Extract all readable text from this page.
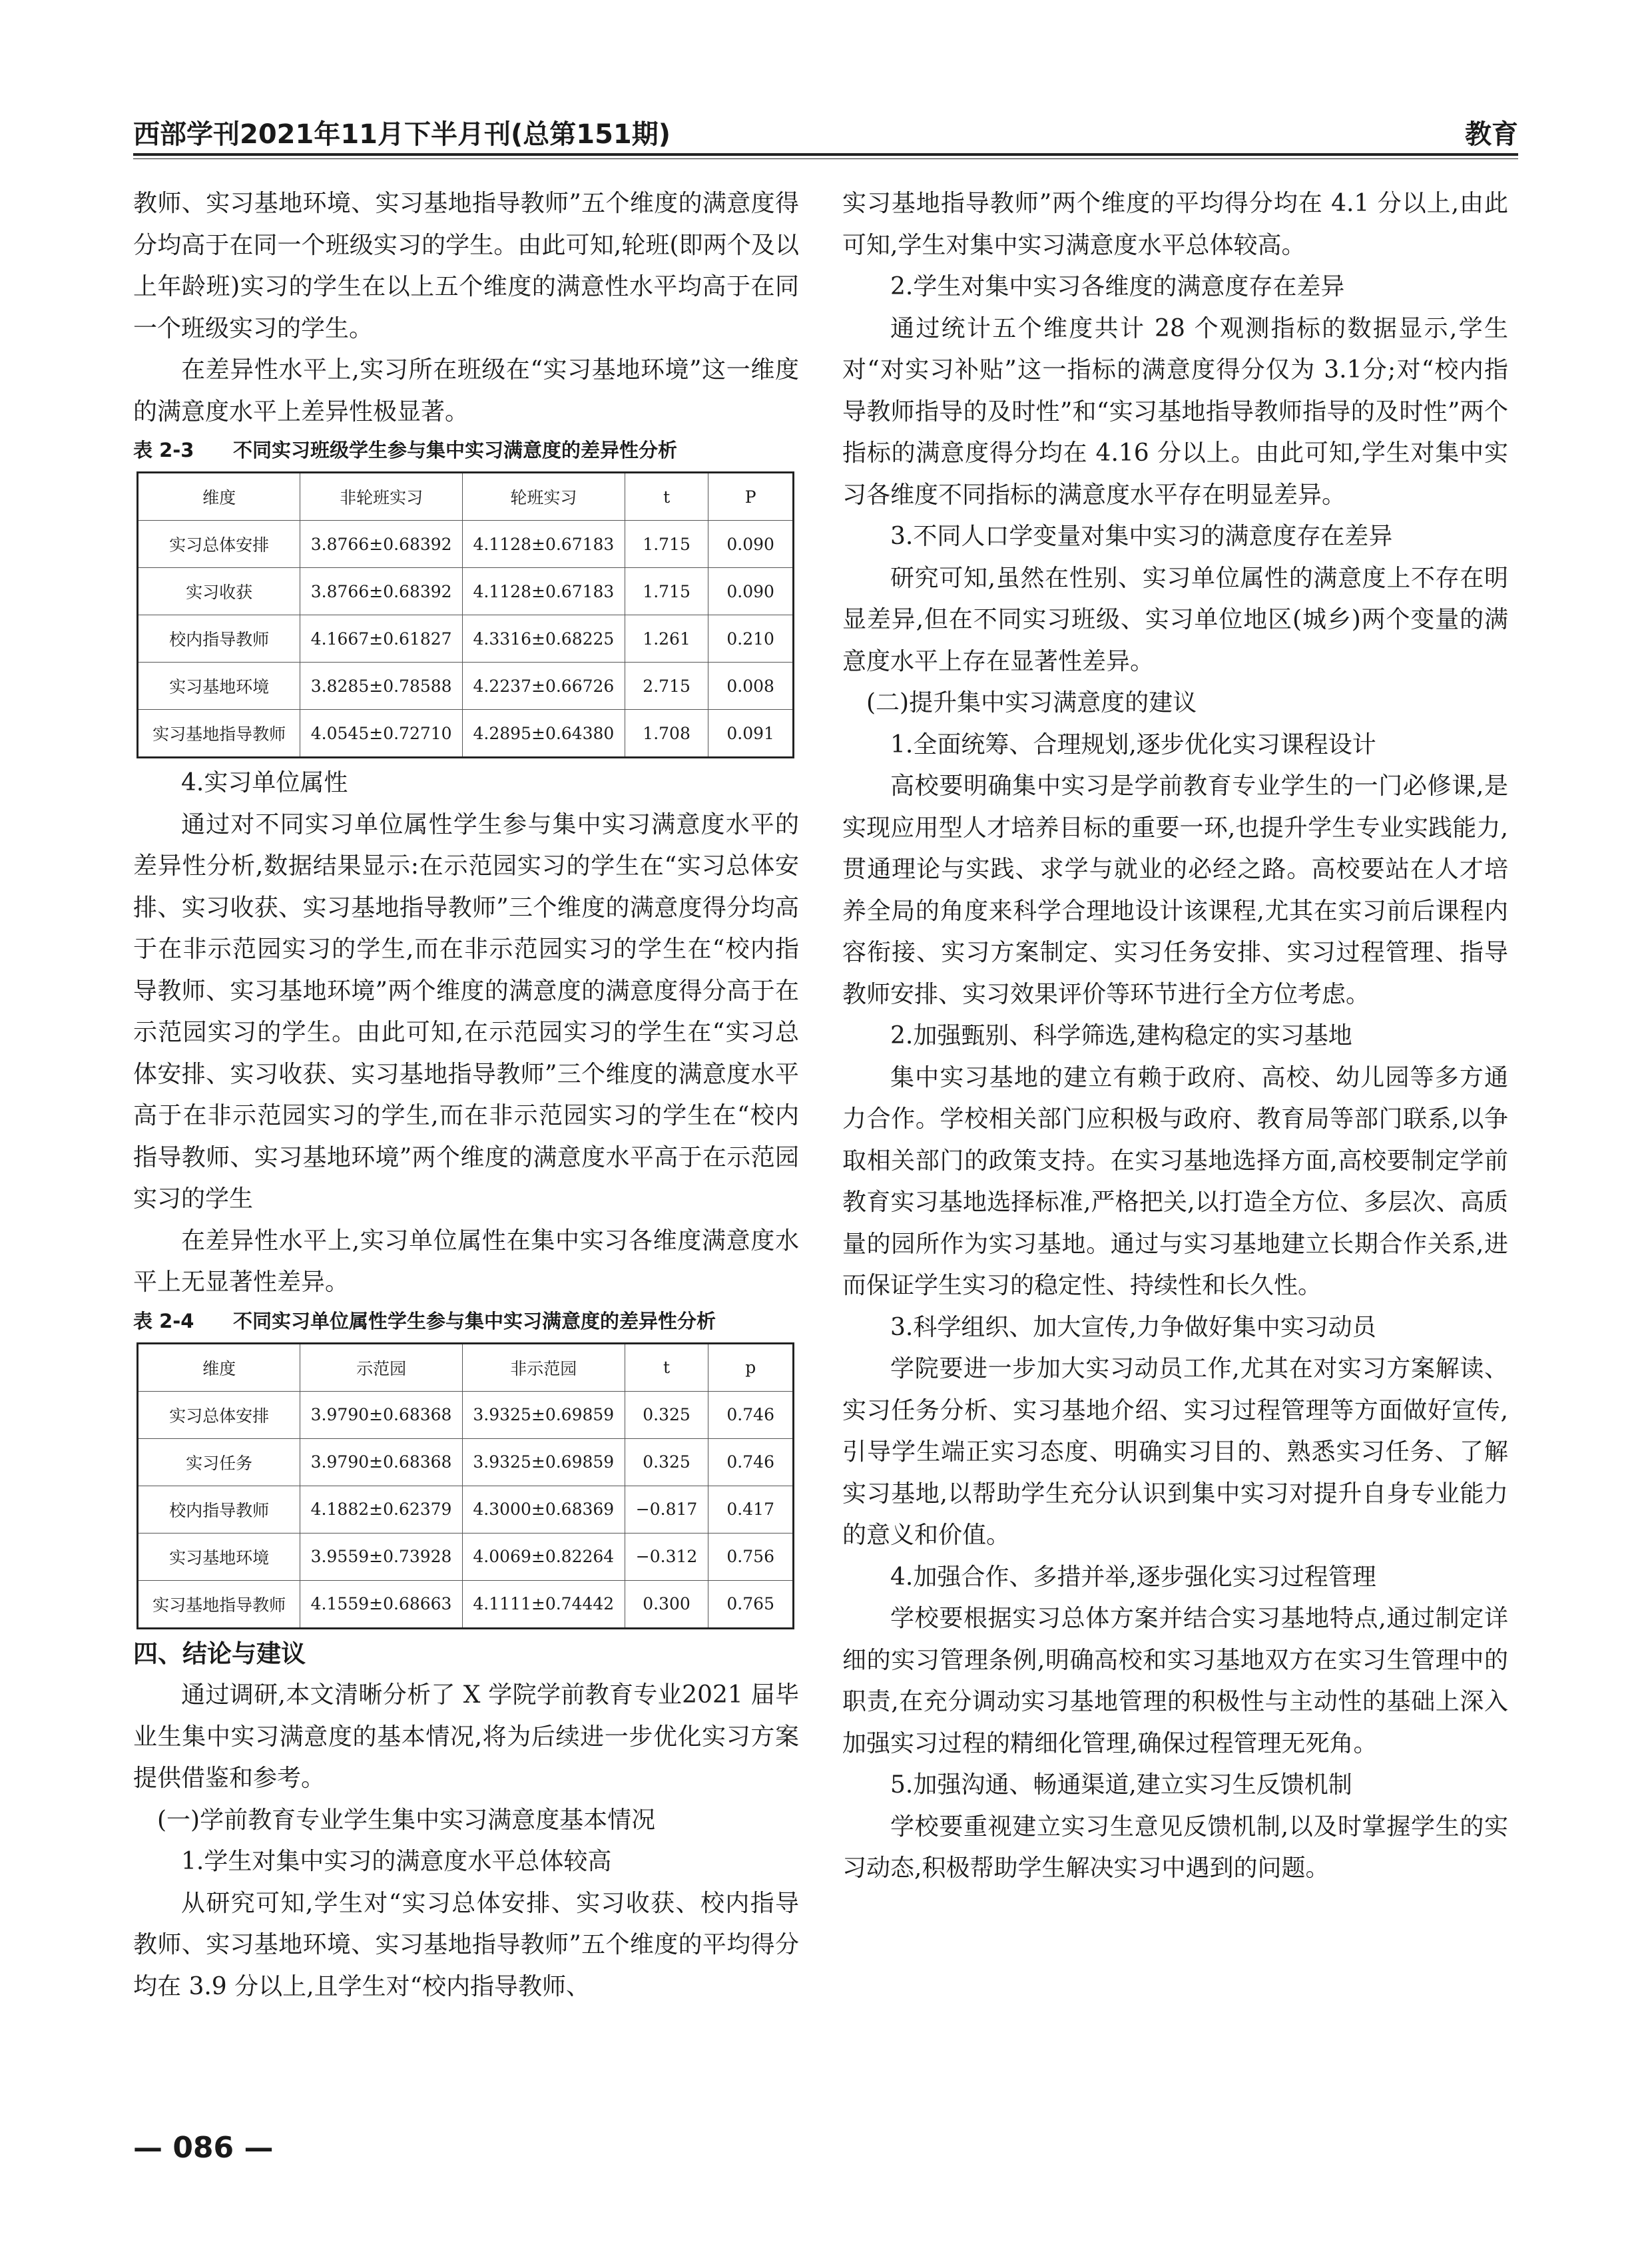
西部学刊2021年11月下半月刊(总第151期)	教育

教师、实习基地环境、实习基地指导教师”五个维度的满意度得分均高于在同一个班级实习的学生。由此可知,轮班(即两个及以上年龄班)实习的学生在以上五个维度的满意性水平均高于在同一个班级实习的学生。

在差异性水平上,实习所在班级在“实习基地环境”这一维度的满意度水平上差异性极显著。

表 2-3 不同实习班级学生参与集中实习满意度的差异性分析
维度	非轮班实习	轮班实习	t	P
实习总体安排	3.8766±0.68392	4.1128±0.67183	1.715	0.090
实习收获	3.8766±0.68392	4.1128±0.67183	1.715	0.090
校内指导教师	4.1667±0.61827	4.3316±0.68225	1.261	0.210
实习基地环境	3.8285±0.78588	4.2237±0.66726	2.715	0.008
实习基地指导教师	4.0545±0.72710	4.2895±0.64380	1.708	0.091

4.实习单位属性

通过对不同实习单位属性学生参与集中实习满意度水平的差异性分析,数据结果显示:在示范园实习的学生在“实习总体安排、实习收获、实习基地指导教师”三个维度的满意度得分均高于在非示范园实习的学生,而在非示范园实习的学生在“校内指导教师、实习基地环境”两个维度的满意度的满意度得分高于在示范园实习的学生。由此可知,在示范园实习的学生在“实习总体安排、实习收获、实习基地指导教师”三个维度的满意度水平高于在非示范园实习的学生,而在非示范园实习的学生在“校内指导教师、实习基地环境”两个维度的满意度水平高于在示范园实习的学生

在差异性水平上,实习单位属性在集中实习各维度满意度水平上无显著性差异。

表 2-4 不同实习单位属性学生参与集中实习满意度的差异性分析
维度	示范园	非示范园	t	p
实习总体安排	3.9790±0.68368	3.9325±0.69859	0.325	0.746
实习任务	3.9790±0.68368	3.9325±0.69859	0.325	0.746
校内指导教师	4.1882±0.62379	4.3000±0.68369	−0.817	0.417
实习基地环境	3.9559±0.73928	4.0069±0.82264	−0.312	0.756
实习基地指导教师	4.1559±0.68663	4.1111±0.74442	0.300	0.765

四、结论与建议

通过调研,本文清晰分析了 X 学院学前教育专业2021 届毕业生集中实习满意度的基本情况,将为后续进一步优化实习方案提供借鉴和参考。

(一)学前教育专业学生集中实习满意度基本情况

1.学生对集中实习的满意度水平总体较高

从研究可知,学生对“实习总体安排、实习收获、校内指导教师、实习基地环境、实习基地指导教师”五个维度的平均得分均在 3.9 分以上,且学生对“校内指导教师、

实习基地指导教师”两个维度的平均得分均在 4.1 分以上,由此可知,学生对集中实习满意度水平总体较高。

2.学生对集中实习各维度的满意度存在差异

通过统计五个维度共计 28 个观测指标的数据显示,学生对“对实习补贴”这一指标的满意度得分仅为 3.1分;对“校内指导教师指导的及时性”和“实习基地指导教师指导的及时性”两个指标的满意度得分均在 4.16 分以上。由此可知,学生对集中实习各维度不同指标的满意度水平存在明显差异。

3.不同人口学变量对集中实习的满意度存在差异

研究可知,虽然在性别、实习单位属性的满意度上不存在明显差异,但在不同实习班级、实习单位地区(城乡)两个变量的满意度水平上存在显著性差异。

(二)提升集中实习满意度的建议

1.全面统筹、合理规划,逐步优化实习课程设计

高校要明确集中实习是学前教育专业学生的一门必修课,是实现应用型人才培养目标的重要一环,也提升学生专业实践能力,贯通理论与实践、求学与就业的必经之路。高校要站在人才培养全局的角度来科学合理地设计该课程,尤其在实习前后课程内容衔接、实习方案制定、实习任务安排、实习过程管理、指导教师安排、实习效果评价等环节进行全方位考虑。

2.加强甄别、科学筛选,建构稳定的实习基地

集中实习基地的建立有赖于政府、高校、幼儿园等多方通力合作。学校相关部门应积极与政府、教育局等部门联系,以争取相关部门的政策支持。在实习基地选择方面,高校要制定学前教育实习基地选择标准,严格把关,以打造全方位、多层次、高质量的园所作为实习基地。通过与实习基地建立长期合作关系,进而保证学生实习的稳定性、持续性和长久性。

3.科学组织、加大宣传,力争做好集中实习动员

学院要进一步加大实习动员工作,尤其在对实习方案解读、实习任务分析、实习基地介绍、实习过程管理等方面做好宣传,引导学生端正实习态度、明确实习目的、熟悉实习任务、了解实习基地,以帮助学生充分认识到集中实习对提升自身专业能力的意义和价值。

4.加强合作、多措并举,逐步强化实习过程管理

学校要根据实习总体方案并结合实习基地特点,通过制定详细的实习管理条例,明确高校和实习基地双方在实习生管理中的职责,在充分调动实习基地管理的积极性与主动性的基础上深入加强实习过程的精细化管理,确保过程管理无死角。

5.加强沟通、畅通渠道,建立实习生反馈机制

学校要重视建立实习生意见反馈机制,以及时掌握学生的实习动态,积极帮助学生解决实习中遇到的问题。

— 086 —
